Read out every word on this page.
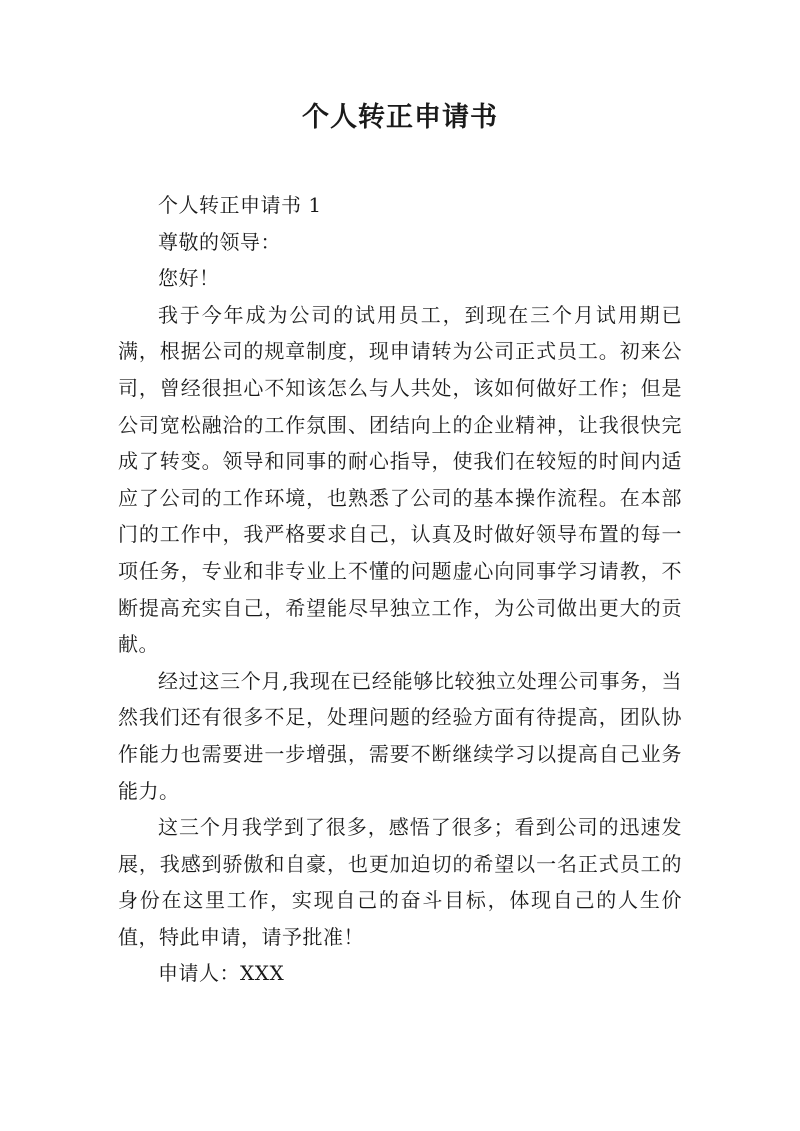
个人转正申请书

个人转正申请书 1

尊敬的领导：

您好！

我于今年成为公司的试用员工，到现在三个月试用期已满，根据公司的规章制度，现申请转为公司正式员工。初来公司，曾经很担心不知该怎么与人共处，该如何做好工作；但是公司宽松融洽的工作氛围、团结向上的企业精神，让我很快完成了转变。领导和同事的耐心指导，使我们在较短的时间内适应了公司的工作环境，也熟悉了公司的基本操作流程。在本部门的工作中，我严格要求自己，认真及时做好领导布置的每一项任务，专业和非专业上不懂的问题虚心向同事学习请教，不断提高充实自己，希望能尽早独立工作，为公司做出更大的贡献。

经过这三个月,我现在已经能够比较独立处理公司事务，当然我们还有很多不足，处理问题的经验方面有待提高，团队协作能力也需要进一步增强，需要不断继续学习以提高自己业务能力。

这三个月我学到了很多，感悟了很多；看到公司的迅速发展，我感到骄傲和自豪，也更加迫切的希望以一名正式员工的身份在这里工作，实现自己的奋斗目标，体现自己的人生价值，特此申请，请予批准！

申请人：XXX
